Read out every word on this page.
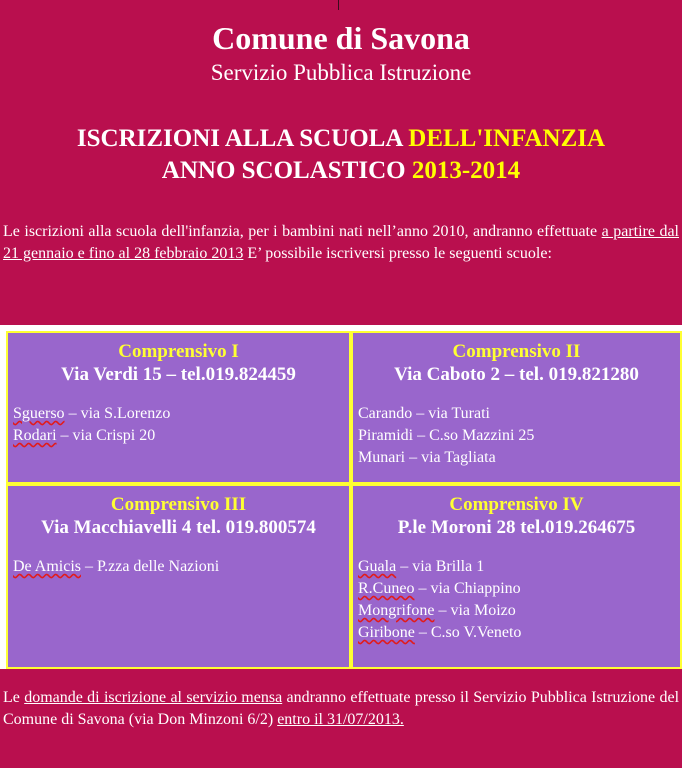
Comune di Savona
Servizio Pubblica Istruzione
ISCRIZIONI ALLA SCUOLA DELL'INFANZIA
ANNO SCOLASTICO 2013-2014
Le iscrizioni alla scuola dell'infanzia, per i bambini nati nell’anno 2010, andranno effettuate a partire dal 21 gennaio e fino al 28 febbraio 2013 E’ possibile iscriversi presso le seguenti scuole:
Comprensivo I
Via Verdi 15 – tel.019.824459
Sguerso – via S.Lorenzo
Rodari – via Crispi 20
Comprensivo II
Via Caboto 2 – tel. 019.821280
Carando – via Turati
Piramidi – C.so Mazzini 25
Munari – via Tagliata
Comprensivo III
Via Macchiavelli 4 tel. 019.800574
De Amicis – P.zza delle Nazioni
Comprensivo IV
P.le Moroni 28 tel.019.264675
Guala – via Brilla 1
R.Cuneo – via Chiappino
Mongrifone – via Moizo
Giribone – C.so V.Veneto
Le domande di iscrizione al servizio mensa andranno effettuate presso il Servizio Pubblica Istruzione del Comune di Savona (via Don Minzoni 6/2) entro il 31/07/2013.
